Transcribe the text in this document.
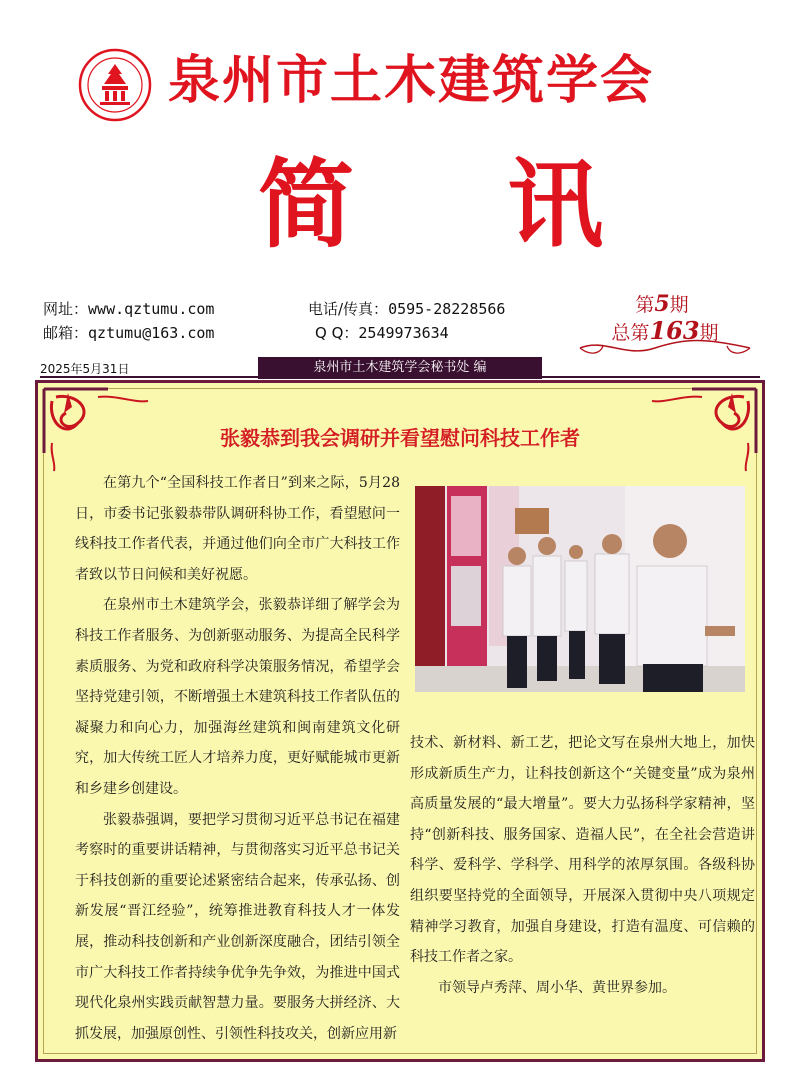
泉州市土木建筑学会
简 讯
网址：www.qztumu.com
邮箱：qztumu@163.com
电话/传真：0595-28228566
Q Q：2549973634
第5期
总第163期
2025年5月31日	泉州市土木建筑学会秘书处 编
张毅恭到我会调研并看望慰问科技工作者

在第九个“全国科技工作者日”到来之际，5月28日，市委书记张毅恭带队调研科协工作，看望慰问一线科技工作者代表，并通过他们向全市广大科技工作者致以节日问候和美好祝愿。

在泉州市土木建筑学会，张毅恭详细了解学会为科技工作者服务、为创新驱动服务、为提高全民科学素质服务、为党和政府科学决策服务情况，希望学会坚持党建引领，不断增强土木建筑科技工作者队伍的凝聚力和向心力，加强海丝建筑和闽南建筑文化研究，加大传统工匠人才培养力度，更好赋能城市更新和乡建乡创建设。

张毅恭强调，要把学习贯彻习近平总书记在福建考察时的重要讲话精神，与贯彻落实习近平总书记关于科技创新的重要论述紧密结合起来，传承弘扬、创新发展“晋江经验”，统筹推进教育科技人才一体发展，推动科技创新和产业创新深度融合，团结引领全市广大科技工作者持续争优争先争效，为推进中国式现代化泉州实践贡献智慧力量。要服务大拼经济、大抓发展，加强原创性、引领性科技攻关，创新应用新

技术、新材料、新工艺，把论文写在泉州大地上，加快形成新质生产力，让科技创新这个“关键变量”成为泉州高质量发展的“最大增量”。要大力弘扬科学家精神，坚持“创新科技、服务国家、造福人民”，在全社会营造讲科学、爱科学、学科学、用科学的浓厚氛围。各级科协组织要坚持党的全面领导，开展深入贯彻中央八项规定精神学习教育，加强自身建设，打造有温度、可信赖的科技工作者之家。

市领导卢秀萍、周小华、黄世界参加。
